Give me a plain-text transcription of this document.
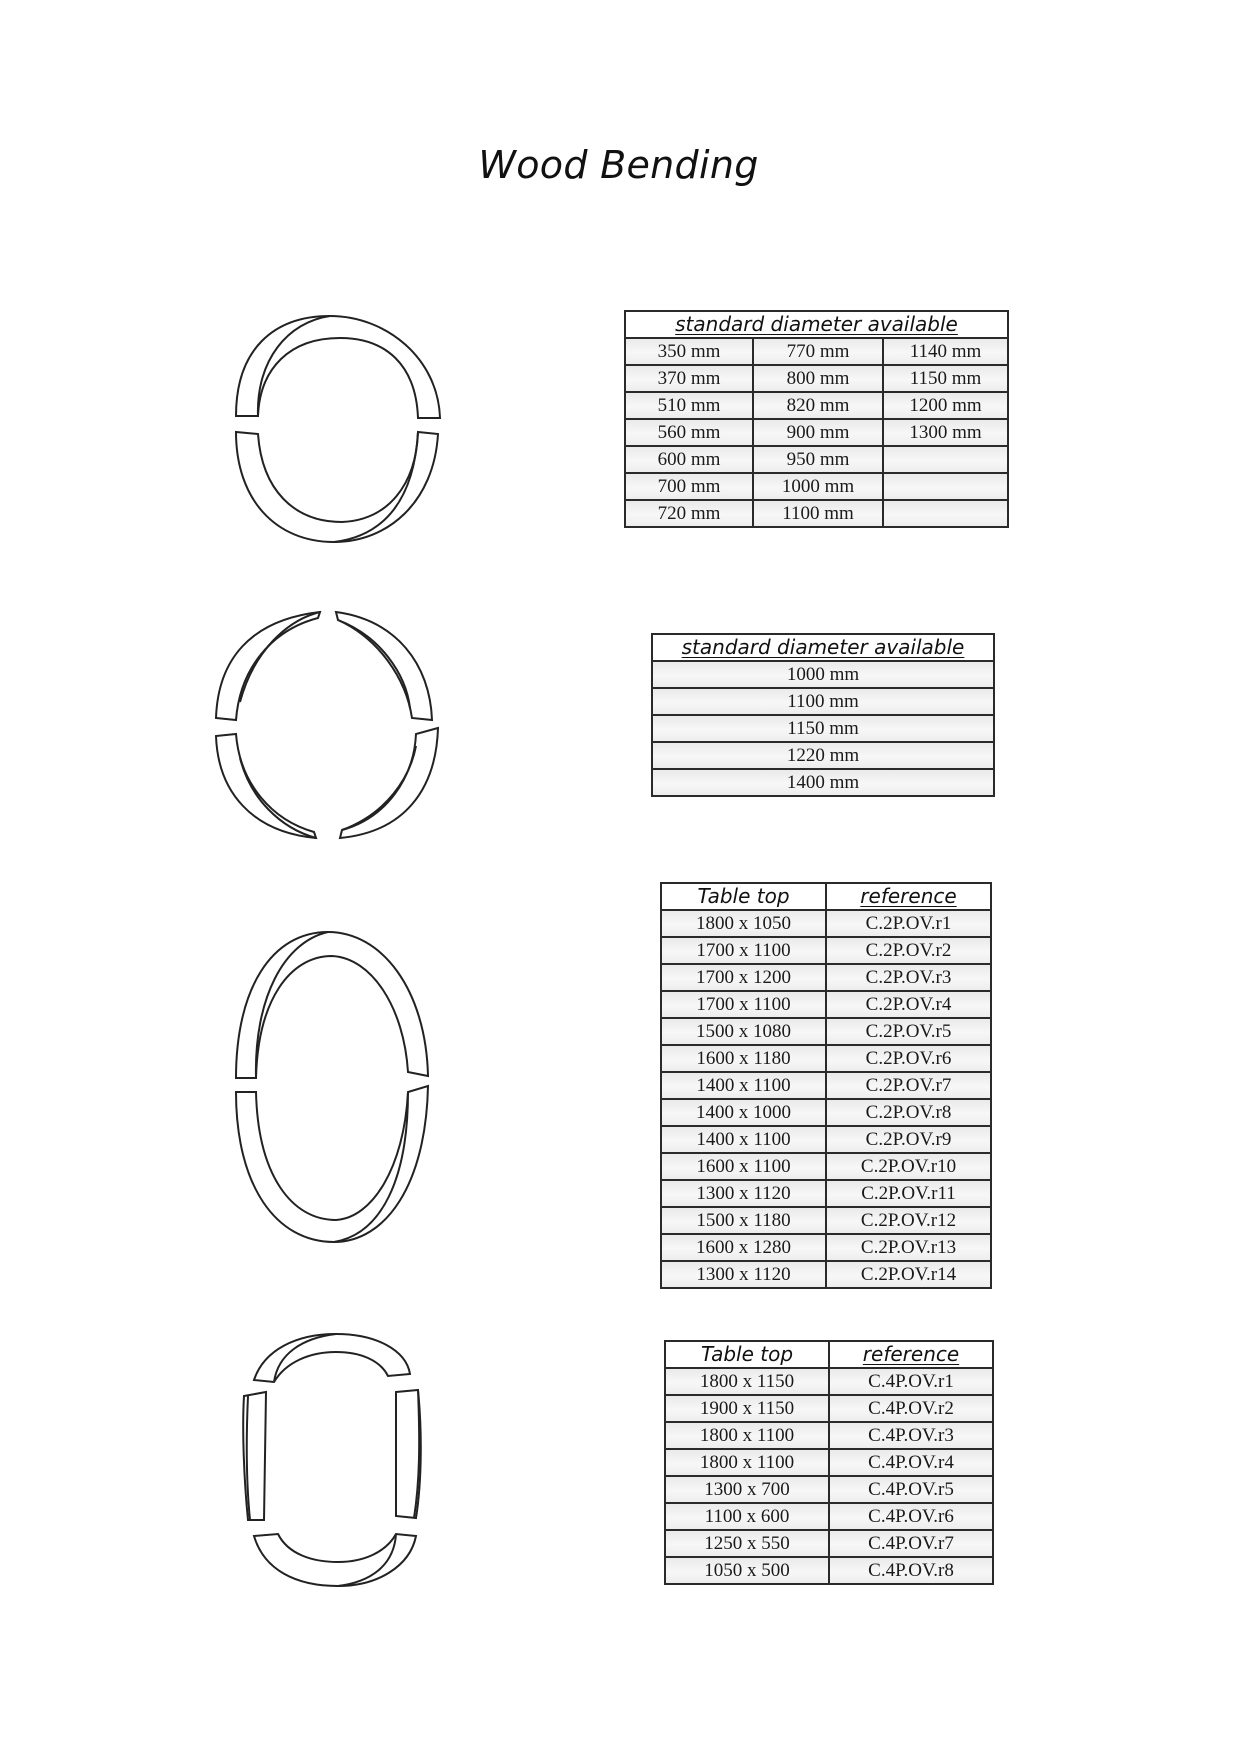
Wood Bending
standard diameter available		
350 mm	770 mm	1140 mm
370 mm	800 mm	1150 mm
510 mm	820 mm	1200 mm
560 mm	900 mm	1300 mm
600 mm	950 mm	
700 mm	1000 mm	
720 mm	1100 mm	
standard diameter available
1000 mm
1100 mm
1150 mm
1220 mm
1400 mm
Table top	reference
1800 x 1050	C.2P.OV.r1
1700 x 1100	C.2P.OV.r2
1700 x 1200	C.2P.OV.r3
1700 x 1100	C.2P.OV.r4
1500 x 1080	C.2P.OV.r5
1600 x 1180	C.2P.OV.r6
1400 x 1100	C.2P.OV.r7
1400 x 1000	C.2P.OV.r8
1400 x 1100	C.2P.OV.r9
1600 x 1100	C.2P.OV.r10
1300 x 1120	C.2P.OV.r11
1500 x 1180	C.2P.OV.r12
1600 x 1280	C.2P.OV.r13
1300 x 1120	C.2P.OV.r14
Table top	reference
1800 x 1150	C.4P.OV.r1
1900 x 1150	C.4P.OV.r2
1800 x 1100	C.4P.OV.r3
1800 x 1100	C.4P.OV.r4
1300 x 700	C.4P.OV.r5
1100 x 600	C.4P.OV.r6
1250 x 550	C.4P.OV.r7
1050 x 500	C.4P.OV.r8
